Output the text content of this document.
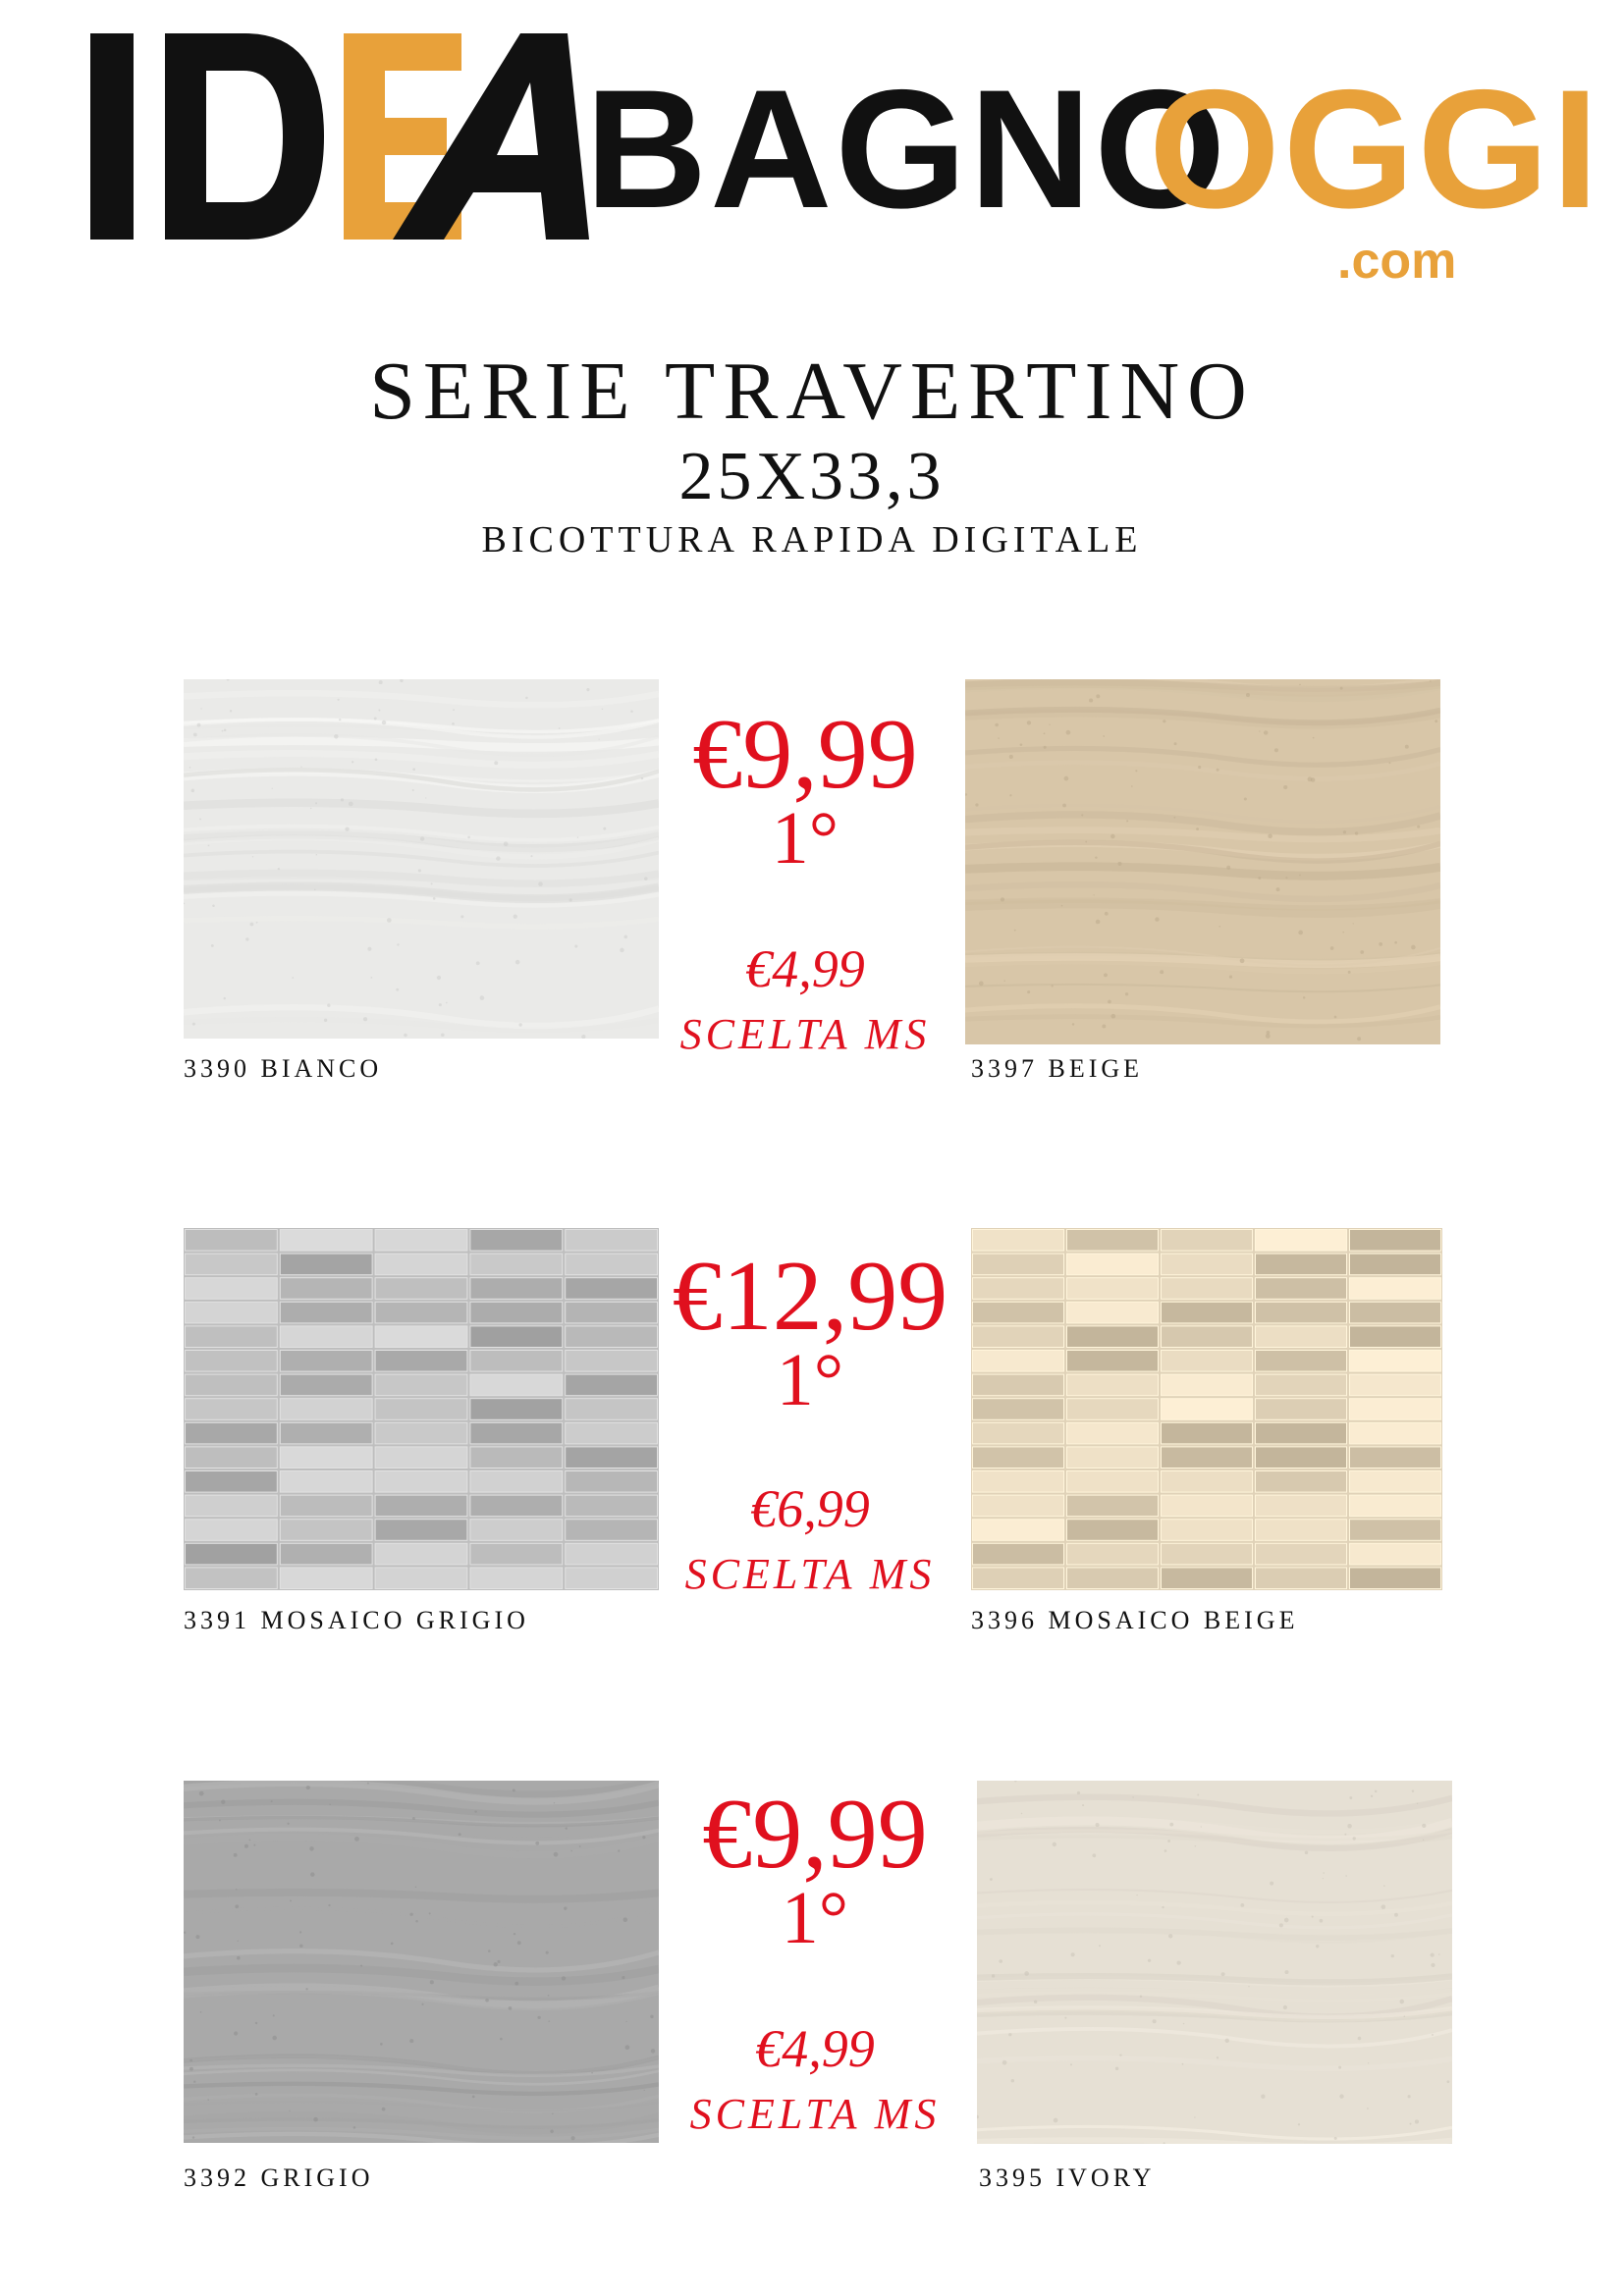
BAGNO
OGGI
.com
SERIE TRAVERTINO
25X33,3
BICOTTURA RAPIDA DIGITALE
3390 BIANCO
€9,99
1°
€4,99
SCELTA MS
3397 BEIGE
3391 MOSAICO GRIGIO
€12,99
1°
€6,99
SCELTA MS
3396 MOSAICO BEIGE
3392 GRIGIO
€9,99
1°
€4,99
SCELTA MS
3395 IVORY
